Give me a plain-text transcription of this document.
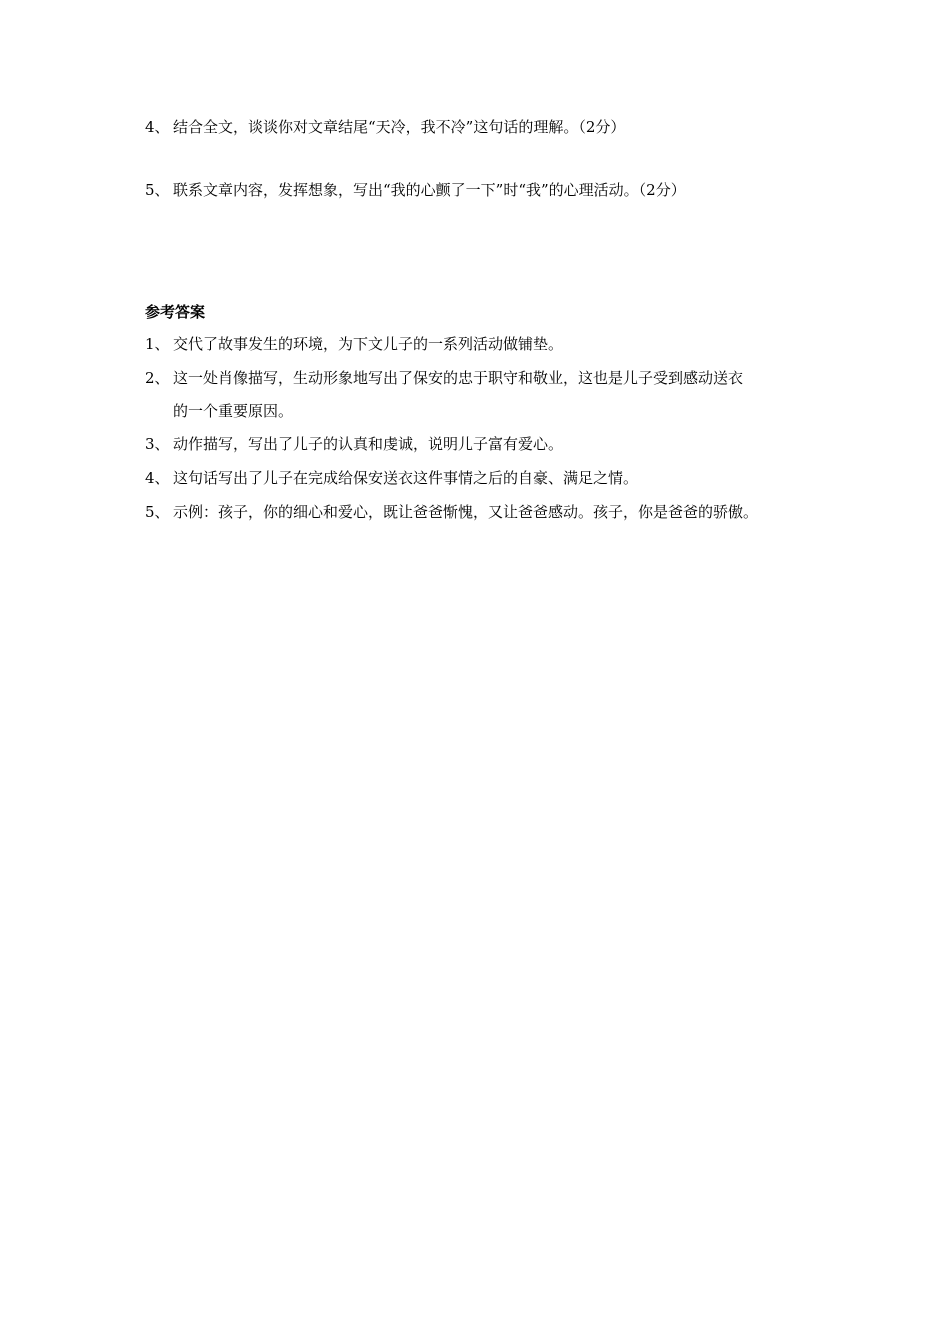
4、 结合全文，谈谈你对文章结尾“天冷，我不冷”这句话的理解。（2分）
5、 联系文章内容，发挥想象，写出“我的心颤了一下”时“我”的心理活动。（2分）
参考答案
1、 交代了故事发生的环境，为下文儿子的一系列活动做铺垫。
2、 这一处肖像描写，生动形象地写出了保安的忠于职守和敬业，这也是儿子受到感动送衣
的一个重要原因。
3、 动作描写，写出了儿子的认真和虔诚，说明儿子富有爱心。
4、 这句话写出了儿子在完成给保安送衣这件事情之后的自豪、满足之情。
5、 示例：孩子，你的细心和爱心，既让爸爸惭愧，又让爸爸感动。孩子，你是爸爸的骄傲。
